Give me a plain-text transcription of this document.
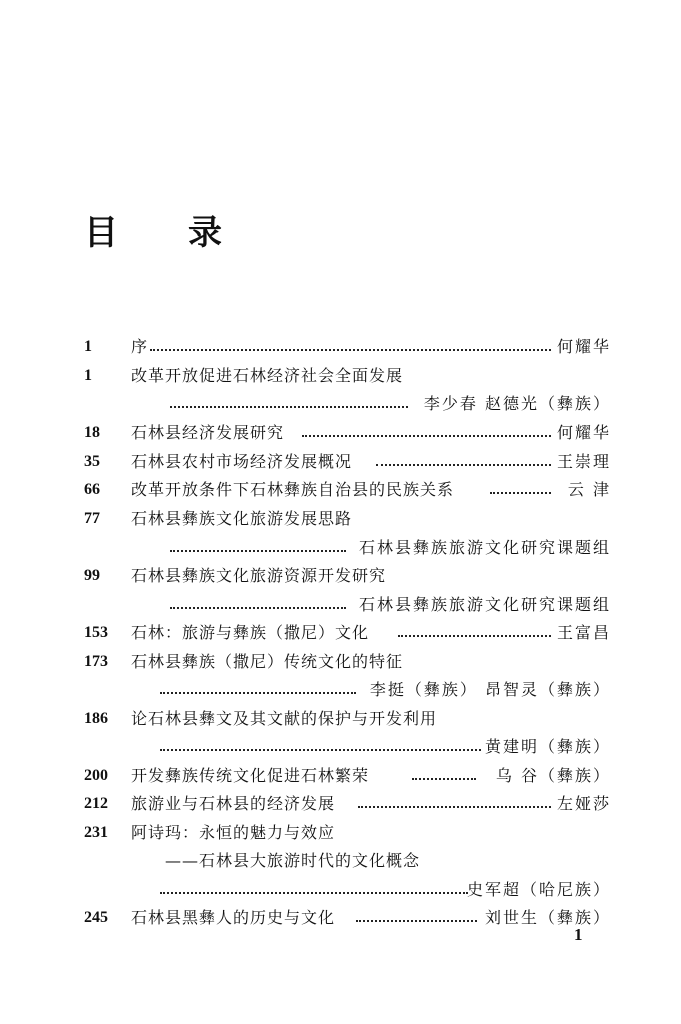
目 录
1 序	何耀华
1 改革开放促进石林经济社会全面发展
李少春 赵德光（彝族）
18 石林县经济发展研究	何耀华
35 石林县农村市场经济发展概况	王崇理
66 改革开放条件下石林彝族自治县的民族关系	云 津
77 石林县彝族文化旅游发展思路
石林县彝族旅游文化研究课题组
99 石林县彝族文化旅游资源开发研究
石林县彝族旅游文化研究课题组
153 石林：旅游与彝族（撒尼）文化	王富昌
173 石林县彝族（撒尼）传统文化的特征
李挺（彝族） 昂智灵（彝族）
186 论石林县彝文及其文献的保护与开发利用
黄建明（彝族）
200 开发彝族传统文化促进石林繁荣	乌 谷（彝族）
212 旅游业与石林县的经济发展	左娅莎
231 阿诗玛：永恒的魅力与效应
——石林县大旅游时代的文化概念
史军超（哈尼族）
245 石林县黑彝人的历史与文化	刘世生（彝族）
1
